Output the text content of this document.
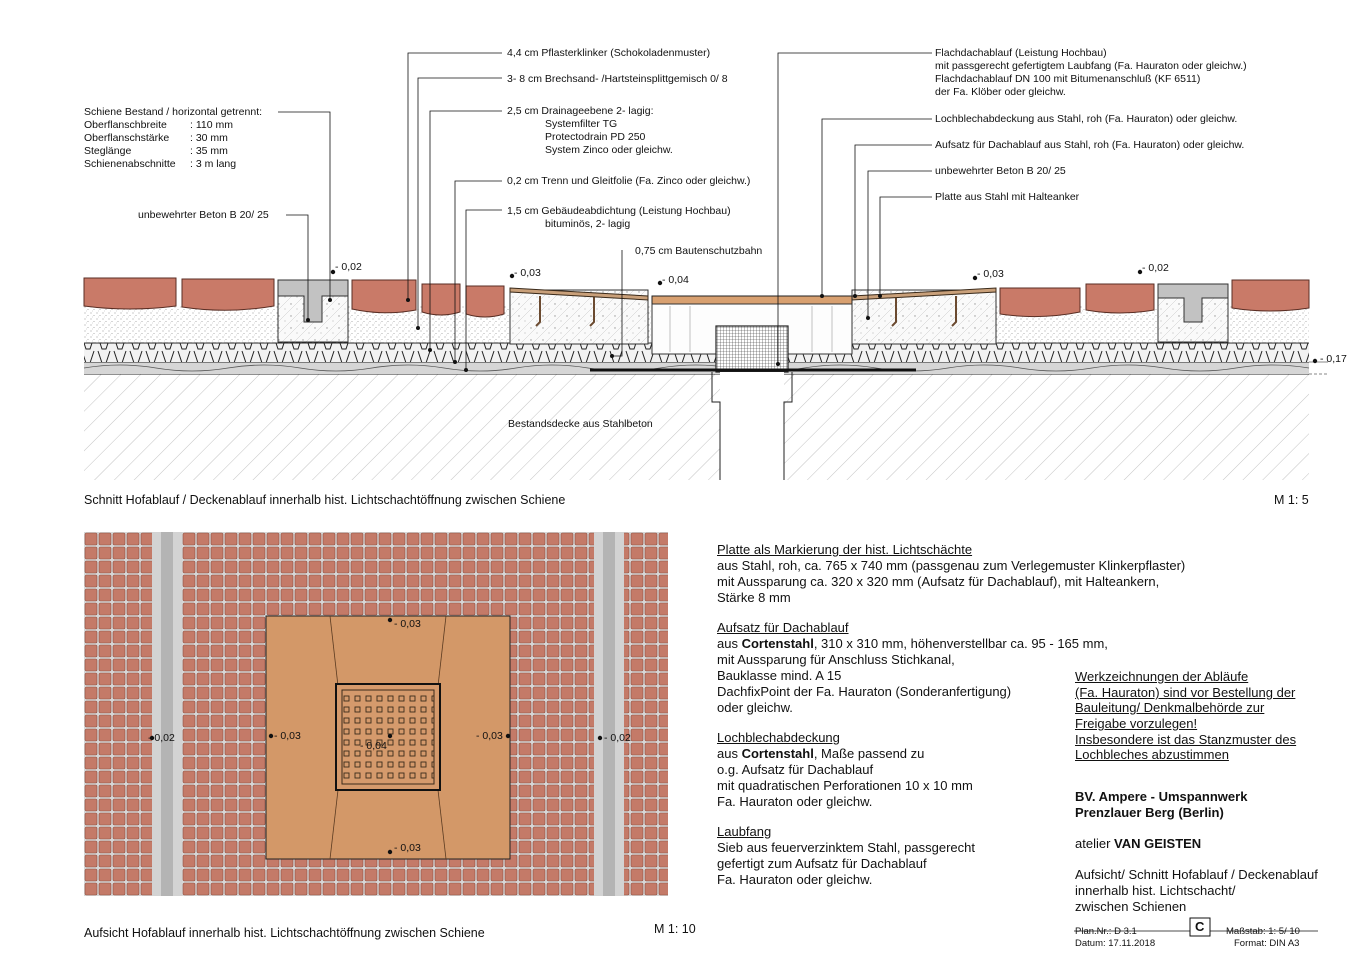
4,4 cm Pflasterklinker (Schokoladenmuster)
3- 8 cm Brechsand- /Hartsteinsplittgemisch 0/ 8
2,5 cm Drainageebene 2- lagig:
Systemfilter TG
Protectodrain PD 250
System Zinco oder gleichw.
0,2 cm Trenn und Gleitfolie (Fa. Zinco oder gleichw.)
1,5 cm Gebäudeabdichtung (Leistung Hochbau)
bituminös, 2- lagig
0,75 cm Bautenschutzbahn
Schiene Bestand / horizontal getrennt:
Oberflanschbreite : 110 mm
Oberflanschstärke : 30 mm
Steglänge	: 35 mm
Schienenabschnitte : 3 m lang
unbewehrter Beton B 20/ 25
Flachdachablauf (Leistung Hochbau)
mit passgerecht gefertigtem Laubfang (Fa. Hauraton oder gleichw.)
Flachdachablauf DN 100 mit Bitumenanschluß (KF 6511)
der Fa. Klöber oder gleichw.
Lochblechabdeckung aus Stahl, roh (Fa. Hauraton) oder gleichw.
Aufsatz für Dachablauf aus Stahl, roh (Fa. Hauraton) oder gleichw.
unbewehrter Beton B 20/ 25
Platte aus Stahl mit Halteanker
- 0,02	- 0,03
- 0,04	- 0,03	- 0,02
- 0,17
Bestandsdecke aus Stahlbeton
Schnitt Hofablauf / Deckenablauf innerhalb hist. Lichtschachtöffnung zwischen Schiene	M 1: 5
- 0,03
- 0,02	- 0,03
- 0,04
- 0,03	- 0,02
- 0,03
Aufsicht Hofablauf innerhalb hist. Lichtschachtöffnung zwischen Schiene	M 1: 10
Platte als Markierung der hist. Lichtschächte
aus Stahl, roh, ca. 765 x 740 mm (passgenau zum Verlegemuster Klinkerpflaster)
mit Aussparung ca. 320 x 320 mm (Aufsatz für Dachablauf), mit Halteankern,
Stärke 8 mm
Aufsatz für Dachablauf
aus Cortenstahl, 310 x 310 mm, höhenverstellbar ca. 95 - 165 mm,
mit Aussparung für Anschluss Stichkanal,
Bauklasse mind. A 15
DachfixPoint der Fa. Hauraton (Sonderanfertigung)
oder gleichw.
Lochblechabdeckung
aus Cortenstahl, Maße passend zu
o.g. Aufsatz für Dachablauf
mit quadratischen Perforationen 10 x 10 mm
Fa. Hauraton oder gleichw.
Laubfang
Sieb aus feuerverzinktem Stahl, passgerecht
gefertigt zum Aufsatz für Dachablauf
Fa. Hauraton oder gleichw.
Werkzeichnungen der Abläufe
(Fa. Hauraton) sind vor Bestellung der
Bauleitung/ Denkmalbehörde zur
Freigabe vorzulegen!
Insbesondere ist das Stanzmuster des
Lochbleches abzustimmen
BV. Ampere - Umspannwerk
Prenzlauer Berg (Berlin)
atelier VAN GEISTEN
Aufsicht/ Schnitt Hofablauf / Deckenablauf
innerhalb hist. Lichtschacht/
zwischen Schienen
C
Plan.Nr.: D 3.1
Datum: 17.11.2018
Maßstab: 1: 5/ 10
Format: DIN A3
